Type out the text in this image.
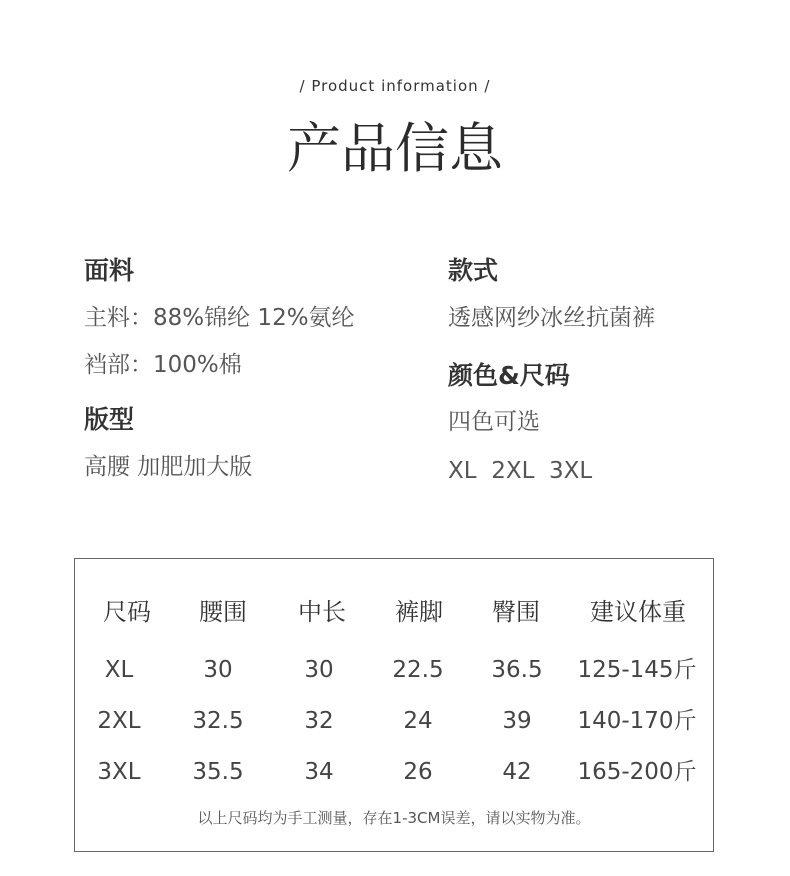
/ Product information /
产品信息
面料
主料：88%锦纶 12%氨纶
裆部：100%棉
版型
高腰 加肥加大版
款式
透感网纱冰丝抗菌裤
颜色&尺码
四色可选
XL  2XL  3XL
尺码	腰围	中长	裤脚	臀围	建议体重
XL	30	30	22.5	36.5	125-145斤
2XL	32.5	32	24	39	140-170斤
3XL	35.5	34	26	42	165-200斤
以上尺码均为手工测量，存在1-3CM误差，请以实物为准。
